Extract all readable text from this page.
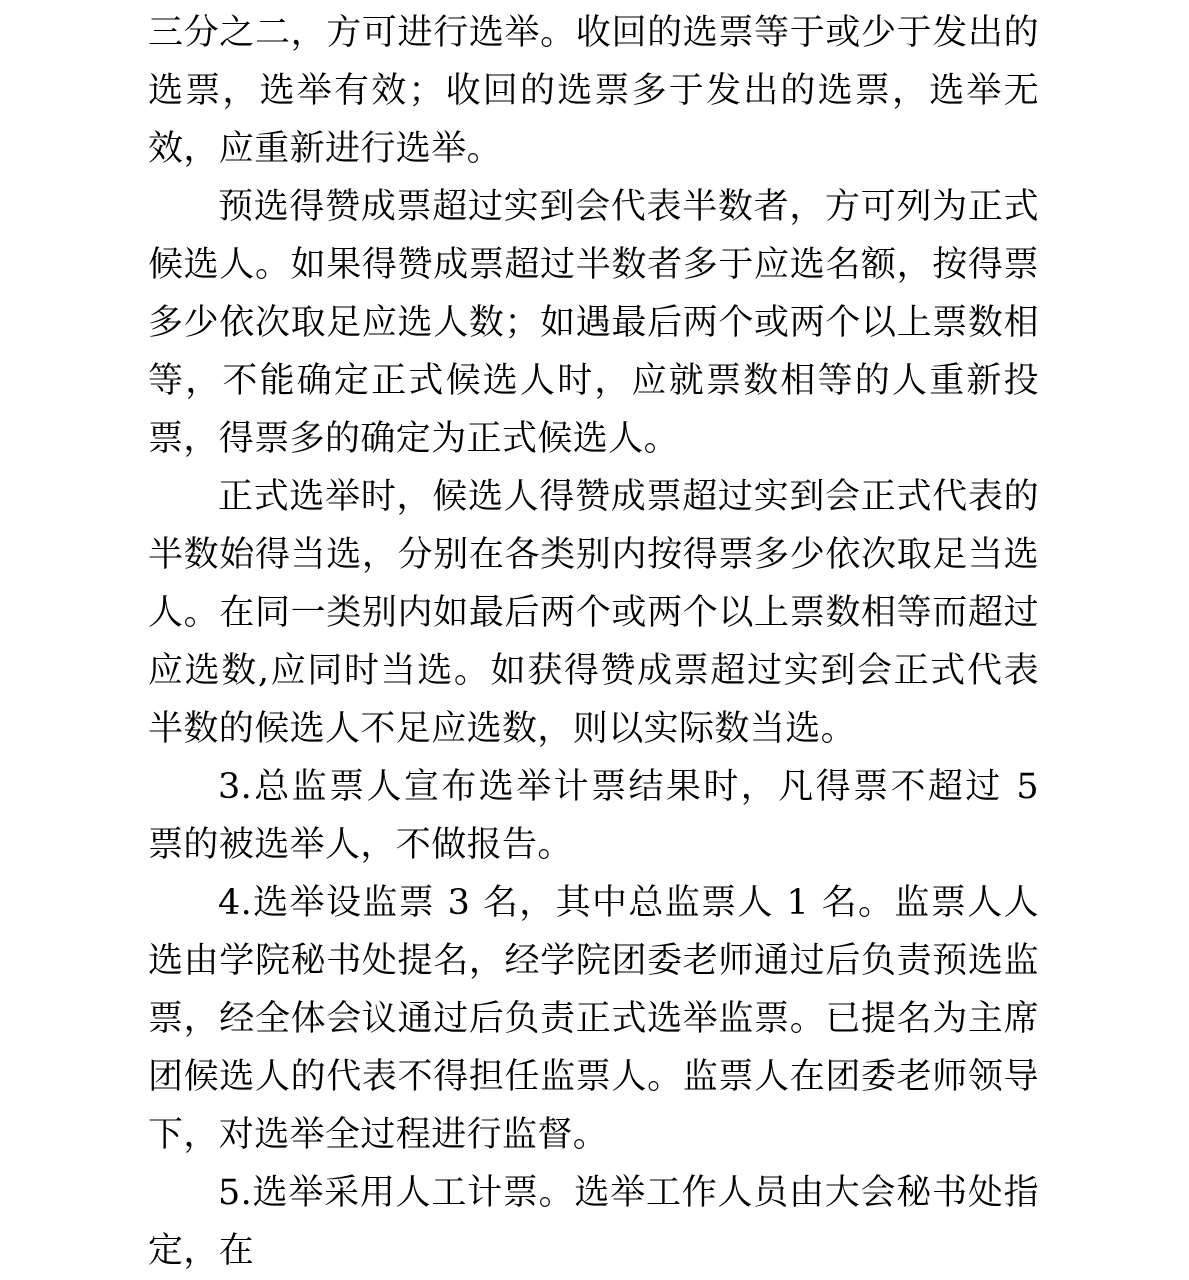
三分之二，方可进行选举。收回的选票等于或少于发出的选票，选举有效；收回的选票多于发出的选票，选举无效，应重新进行选举。

预选得赞成票超过实到会代表半数者，方可列为正式候选人。如果得赞成票超过半数者多于应选名额，按得票多少依次取足应选人数；如遇最后两个或两个以上票数相等，不能确定正式候选人时，应就票数相等的人重新投票，得票多的确定为正式候选人。

正式选举时，候选人得赞成票超过实到会正式代表的半数始得当选，分别在各类别内按得票多少依次取足当选人。在同一类别内如最后两个或两个以上票数相等而超过应选数,应同时当选。如获得赞成票超过实到会正式代表半数的候选人不足应选数，则以实际数当选。

3.总监票人宣布选举计票结果时，凡得票不超过 5 票的被选举人，不做报告。

4.选举设监票 3 名，其中总监票人 1 名。监票人人选由学院秘书处提名，经学院团委老师通过后负责预选监票，经全体会议通过后负责正式选举监票。已提名为主席团候选人的代表不得担任监票人。监票人在团委老师领导下，对选举全过程进行监督。

5.选举采用人工计票。选举工作人员由大会秘书处指定，在
